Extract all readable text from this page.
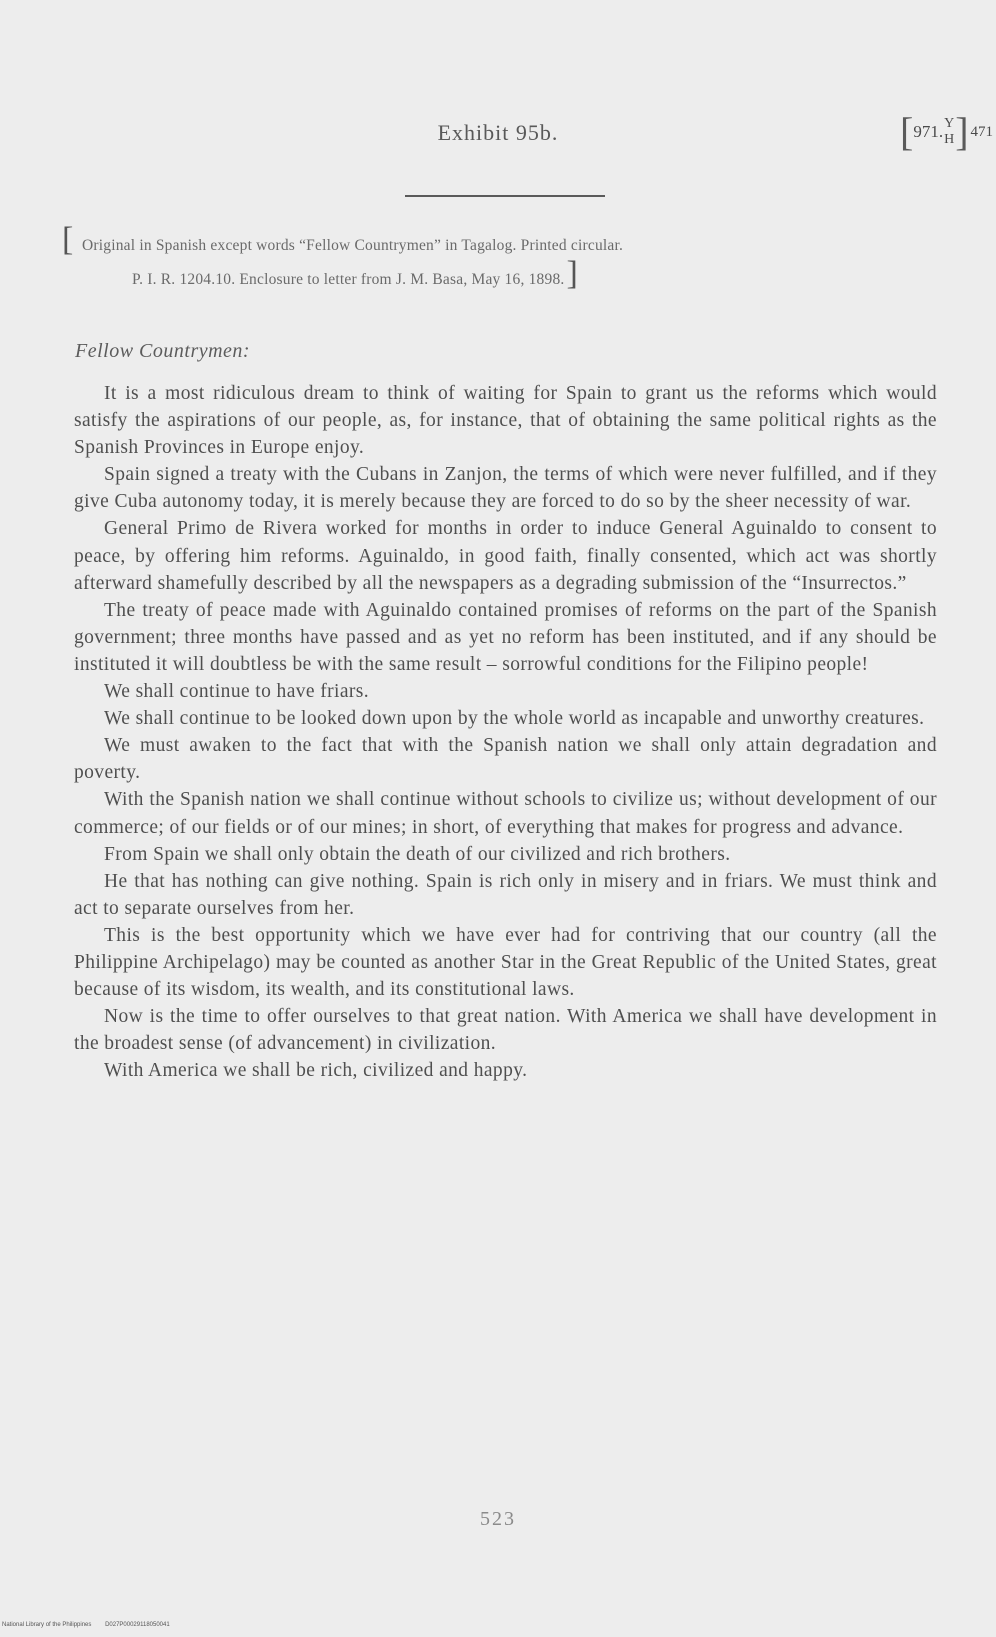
Exhibit 95b.	[ 971. Y
H ] 471
[ Original in Spanish except words “Fellow Countrymen” in Tagalog. Printed circular.
P. I. R. 1204.10. Enclosure to letter from J. M. Basa, May 16, 1898.]
Fellow Countrymen:

It is a most ridiculous dream to think of waiting for Spain to grant us the reforms which would satisfy the aspirations of our people, as, for instance, that of obtaining the same political rights as the Spanish Provinces in Europe enjoy.

Spain signed a treaty with the Cubans in Zanjon, the terms of which were never fulfilled, and if they give Cuba autonomy today, it is merely because they are forced to do so by the sheer necessity of war.

General Primo de Rivera worked for months in order to induce General Aguinaldo to consent to peace, by offering him reforms. Aguinaldo, in good faith, finally consented, which act was shortly afterward shamefully described by all the newspapers as a degrading submission of the “Insurrectos.”

The treaty of peace made with Aguinaldo contained promises of reforms on the part of the Spanish government; three months have passed and as yet no reform has been instituted, and if any should be instituted it will doubtless be with the same result – sorrowful conditions for the Filipino people!

We shall continue to have friars.

We shall continue to be looked down upon by the whole world as incapable and unworthy creatures.

We must awaken to the fact that with the Spanish nation we shall only attain degradation and poverty.

With the Spanish nation we shall continue without schools to civilize us; without development of our commerce; of our fields or of our mines; in short, of everything that makes for progress and advance.

From Spain we shall only obtain the death of our civilized and rich brothers.

He that has nothing can give nothing. Spain is rich only in misery and in friars. We must think and act to separate ourselves from her.

This is the best opportunity which we have ever had for contriving that our country (all the Philippine Archipelago) may be counted as another Star in the Great Republic of the United States, great because of its wisdom, its wealth, and its constitutional laws.

Now is the time to offer ourselves to that great nation. With America we shall have development in the broadest sense (of advancement) in civilization.

With America we shall be rich, civilized and happy.

523
National Library of the Philippines D027P00029118050041
